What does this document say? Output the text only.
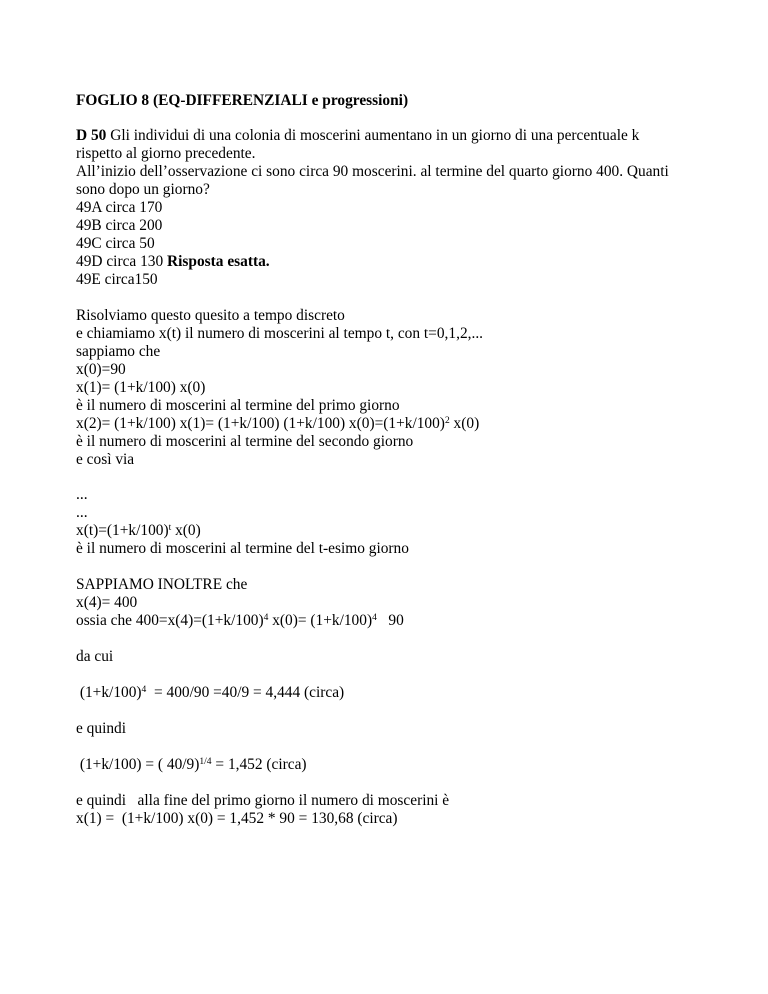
FOGLIO 8 (EQ-DIFFERENZIALI e progressioni)
D 50 Gli individui di una colonia di moscerini aumentano in un giorno di una percentuale k
rispetto al giorno precedente.
All’inizio dell’osservazione ci sono circa 90 moscerini. al termine del quarto giorno 400. Quanti
sono dopo un giorno?
49A circa 170
49B circa 200
49C circa 50
49D circa 130 Risposta esatta.
49E circa150
Risolviamo questo quesito a tempo discreto
e chiamiamo x(t) il numero di moscerini al tempo t, con t=0,1,2,...
sappiamo che
x(0)=90
x(1)= (1+k/100) x(0)
è il numero di moscerini al termine del primo giorno
x(2)= (1+k/100) x(1)= (1+k/100) (1+k/100) $x(0)=(1+k/100)^2$ x(0)
è il numero di moscerini al termine del secondo giorno
e così via
...
...
$x(t)=(1+k/100)^t$ x(0)
è il numero di moscerini al termine del t-esimo giorno
SAPPIAMO INOLTRE che
x(4)= 400
ossia che $400=x(4)=(1+k/100)^4$ $x(0)= (1+k/100)^4$   90
da cui
$(1+k/100)^4 = 400/90 =40/9 = 4,444$ (circa)
e quindi
(1+k/100) = ( 40/9)$^{1/4}$ = 1,452 (circa)
e quindi   alla fine del primo giorno il numero di moscerini è
x(1) =  (1+k/100) x(0) = 1,452 * 90 = 130,68 (circa)
